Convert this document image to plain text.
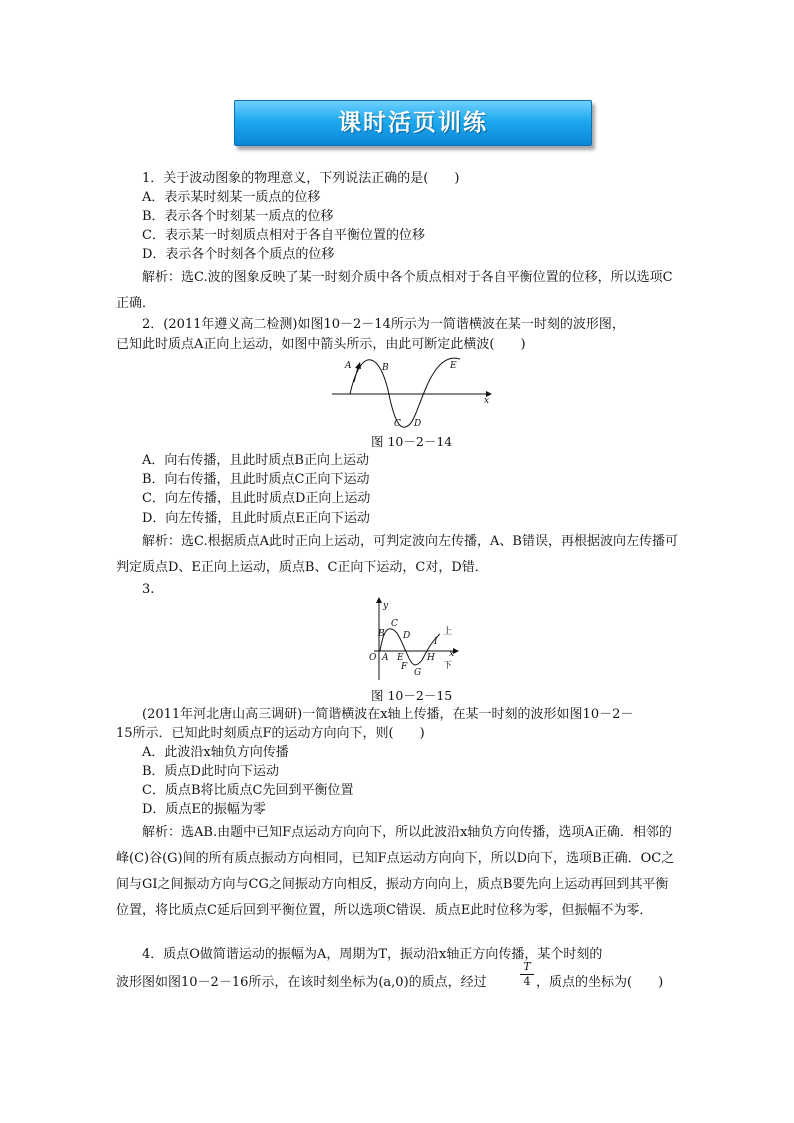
课时活页训练
1．关于波动图象的物理意义，下列说法正确的是(　　)
A．表示某时刻某一质点的位移
B．表示各个时刻某一质点的位移
C．表示某一时刻质点相对于各自平衡位置的位移
D．表示各个时刻各个质点的位移
解析：选C.波的图象反映了某一时刻介质中各个质点相对于各自平衡位置的位移，所以选项C正确．
2．(2011年遵义高二检测)如图10－2－14所示为一简谐横波在某一时刻的波形图，
已知此时质点A正向上运动，如图中箭头所示，由此可断定此横波(　　)
A	B
C D
E
x
图 10－2－14
A．向右传播，且此时质点B正向上运动
B．向右传播，且此时质点C正向下运动
C．向左传播，且此时质点D正向上运动
D．向左传播，且此时质点E正向下运动
解析：选C.根据质点A此时正向上运动，可判定波向左传播，A、B错误，再根据波向左传播可判定质点D、E正向上运动，质点B、C正向下运动，C对，D错．
3.
y
O A
B
C
D
E
F
G
H
I
x
上
下
图 10－2－15
(2011年河北唐山高三调研)一简谐横波在x轴上传播，在某一时刻的波形如图10－2－
15所示．已知此时刻质点F的运动方向向下，则(　　)
A．此波沿x轴负方向传播
B．质点D此时向下运动
C．质点B将比质点C先回到平衡位置
D．质点E的振幅为零
解析：选AB.由题中已知F点运动方向向下，所以此波沿x轴负方向传播，选项A正确．相邻的峰(C)谷(G)间的所有质点振动方向相同，已知F点运动方向向下，所以D向下，选项B正确．OC之间与GI之间振动方向与CG之间振动方向相反，振动方向向上，质点B要先向上运动再回到其平衡位置，将比质点C延后回到平衡位置，所以选项C错误．质点E此时位移为零，但振幅不为零．
4．质点O做简谐运动的振幅为A，周期为T，振动沿x轴正方向传播，某个时刻的
波形图如图10－2－16所示，在该时刻坐标为(a,0)的质点，经过
T
4 ，质点的坐标为(　　)
